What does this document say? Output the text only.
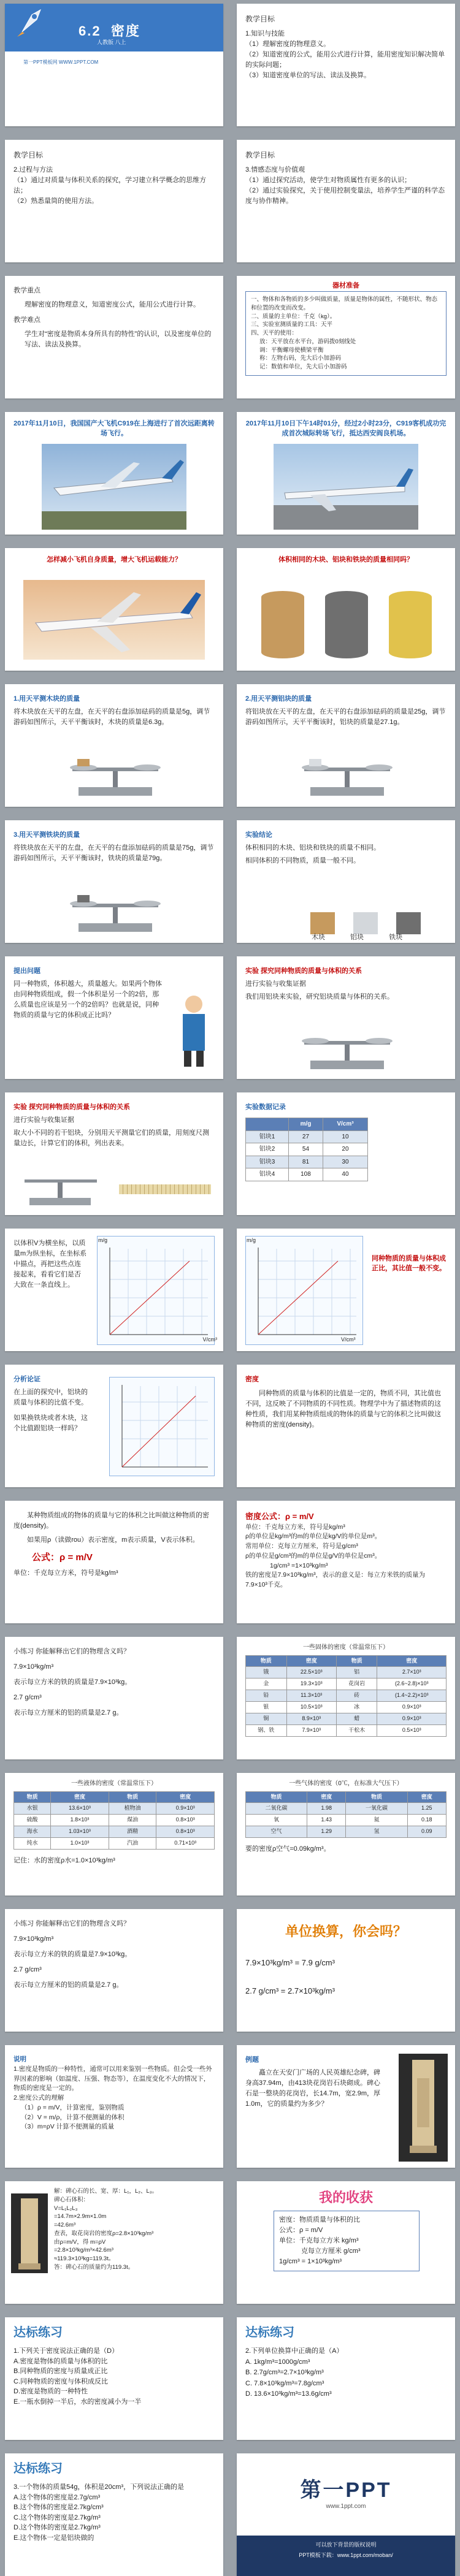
6.2 密度
人教版 八上
第一PPT模板网 WWW.1PPT.COM
教学目标
1.知识与技能
（1）理解密度的物理意义。
（2）知道密度的公式，能用公式进行计算，能用密度知识解决简单的实际问题；
（3）知道密度单位的写法、读法及换算。
教学目标
2.过程与方法
（1）通过对质量与体积关系的探究，学习建立科学概念的思维方法；
（2）熟悉量筒的使用方法。
教学目标
3.情感态度与价值观
（1）通过探究活动，使学生对物质属性有更多的认识；
（2）通过实验探究，关于使用控制变量法，培养学生严谨的科学态度与协作精神。
教学重点
理解密度的物理意义，知道密度公式，能用公式进行计算。
教学难点
学生对“密度是物质本身所具有的特性”的认识，以及密度单位的写法、读法及换算。
器材准备
一、物体和各物质的多少叫做质量，质量是物体的属性，不随形状、物态和位置的改变而改变。
二、质量的主单位：千克（kg）。
三、实验室测质量的工具：天平
四、天平的使用：
放：天平放在水平台，游码拨0刻线处
调：平衡螺母使横梁平衡
称：左物右码，先大后小加游码
记：数值和单位，先大后小加游码
2017年11月10日，我国国产大飞机C919在上海进行了首次远距离转场飞行。
2017年11月10日下午14时01分，经过2小时23分，C919客机成功完成首次城际转场飞行，抵达西安阎良机场。
怎样减小飞机自身质量，增大飞机运载能力？	体积相同的木块、铝块和铁块的质量相同吗？
1.用天平测木块的质量
将木块放在天平的左盘，在天平的右盘添加砝码的质量是5g，调节游码如图所示，天平平衡该时，木块的质量是6.3g。
2.用天平测铝块的质量
将铝块放在天平的左盘，在天平的右盘添加砝码的质量是25g，调节游码如图所示，天平平衡该时，铝块的质量是27.1g。
3.用天平测铁块的质量
将铁块放在天平的左盘，在天平的右盘添加砝码的质量是75g，调节游码如图所示，天平平衡该时，铁块的质量是79g。
实验结论
体积相同的木块、铝块和铁块的质量不相同。
相同体积的不同物质，质量一般不同。
木块 铝块 铁块
提出问题
同一种物质，体积越大，质量越大。如果两个物体由同种物质组成，假一个体积是另一个的2倍，那么质量也应该是另一个的2倍吗？也就是说，同种物质的质量与它的体积成正比吗？
实验 探究同种物质的质量与体积的关系
进行实验与收集证据
我们用铝块来实验，研究铝块质量与体积的关系。
实验 探究同种物质的质量与体积的关系
进行实验与收集证据
取大小不同的若干铝块，分别用天平测量它们的质量，用刻度尺测量边长，计算它们的体积，列出表来。
实验数据记录
	m/g	V/cm³
铝块1	27	10
铝块2	54	20
铝块3	81	30
铝块4	108	40
以体积V为横坐标，以质量m为纵坐标，在坐标系中描点，再把这些点连接起来，看看它们是否大致在一条直线上。
m/g
V/cm³
m/g
V/cm³
同种物质的质量与体积成正比，其比值一般不变。
分析论证
在上面的探究中，铝块的质量与体积的比值不变。
如果换铁块或者木块，这个比值跟铝块一样吗？
密度
同种物质的质量与体积的比值是一定的，物质不同，其比值也不同，这反映了不同物质的不同性质。物理学中为了描述物质的这种性质，我们用某种物质组成的物体的质量与它的体积之比叫做这种物质的密度(density)。
某种物质组成的物体的质量与它的体积之比叫做这种物质的密度(density)。
如果用ρ（读做rou）表示密度，m表示质量，V表示体积。
公式：ρ = m/V
单位：千克每立方米，符号是kg/m³
密度公式：ρ = m/V
单位：千克每立方米，符号是kg/m³
ρ的单位是kg/m³的m的单位是kg/V的单位是m³。
常用单位：克每立方厘米，符号是g/cm³
ρ的单位是g/cm³的m的单位是g/V的单位是cm³。
1g/cm³ =1×10³kg/m³
铁的密度是7.9×10³kg/m³，表示的意义是：每立方米铁的质量为7.9×10³千克。
小练习 你能解释出它们的物理含义吗？
7.9×10³kg/m³
表示每立方米的铁的质量是7.9×10³kg。
2.7 g/cm³
表示每立方厘米的铝的质量是2.7 g。
一些固体的密度（常温常压下）
物质	密度	物质	密度
锇	22.5×10³	铝	2.7×10³
金	19.3×10³	花岗岩	(2.6~2.8)×10³
铅	11.3×10³	砖	(1.4~2.2)×10³
银	10.5×10³	冰	0.9×10³
铜	8.9×10³	蜡	0.9×10³
钢、铁	7.9×10³	干松木	0.5×10³
一些液体的密度（常温常压下）
物质	密度	物质	密度
水银	13.6×10³	植物油	0.9×10³
硫酸	1.8×10³	煤油	0.8×10³
海水	1.03×10³	酒精	0.8×10³
纯水	1.0×10³	汽油	0.71×10³
记住：水的密度ρ水=1.0×10³kg/m³
一些气体的密度（0℃，在标准大气压下）
物质	密度	物质	密度
二氧化碳	1.98	一氧化碳	1.25
氧	1.43	氦	0.18
空气	1.29	氢	0.09
要的密度ρ空气=0.09kg/m³。
小练习 你能解释出它们的物理含义吗？
7.9×10³kg/m³
表示每立方米的铁的质量是7.9×10³kg。
2.7 g/cm³
表示每立方厘米的铝的质量是2.7 g。
单位换算，你会吗？
7.9×10³kg/m³ = 7.9 g/cm³
2.7 g/cm³ = 2.7×10³kg/m³
说明
1.密度是物质的一种特性，通常可以用来鉴别一些物质。但会受一些外界因素的影响（如温度、压强、物态等），在温度变化不大的情况下，物质的密度是一定的。
2.密度公式的理解
（1）ρ = m/V，计算密度，鉴别物质
（2）V = m/ρ，计算不便测量的体积
（3）m=ρV 计算不便测量的质量
例题
矗立在天安门广场的人民英雄纪念碑，碑身高37.94m，由413块花岗岩石块砌成。碑心石是一整块的花岗岩，长14.7m，宽2.9m，厚1.0m，它的质量约为多少？
解：碑心石的长、宽、厚：L₁，L₂、L₃。
碑心石体积：
V=L₁L₂L₃
=14.7m×2.9m×1.0m
=42.6m³
查表，取花岗岩的密度ρ=2.8×10³kg/m³
由ρ=m/V，得 m=ρV
=2.8×10³kg/m³×42.6m³
≈119.3×10³kg=119.3t。
答：碑心石的质量约为119.3t。
我的收获
密度：物质质量与体积的比
公式：ρ = m/V
单位：千克每立方米 kg/m³
克每立方厘米 g/cm³
1g/cm³ = 1×10³kg/m³
达标练习
1.下列关于密度说法正确的是（D）
A.密度是物体的质量与体积的比
B.同种物质的密度与质量成正比
C.同种物质的密度与体积成反比
D.密度是物质的一种特性
E.一瓶水倒掉一半后，水的密度减小为一半
达标练习
2.下列单位换算中正确的是（A）
A. 1kg/m³=1000g/cm³
B. 2.7g/cm³=2.7×10³kg/m³
C. 7.8×10³kg/m³=7.8g/cm³
D. 13.6×10³kg/m³=13.6g/cm³
达标练习
3.一个物体的质量54g，体积是20cm³，下列说法正确的是
A.这个物体的密度是2.7g/cm³
B.这个物体的密度是2.7kg/cm³
C.这个物体的密度是2.7kg/m³
D.这个物体的密度是2.7kg/m³
E.这个物体一定是铝块做的
第一PPT
www.1ppt.com
可以放下背景的版权说明
PPT模板下载：www.1ppt.com/moban/
